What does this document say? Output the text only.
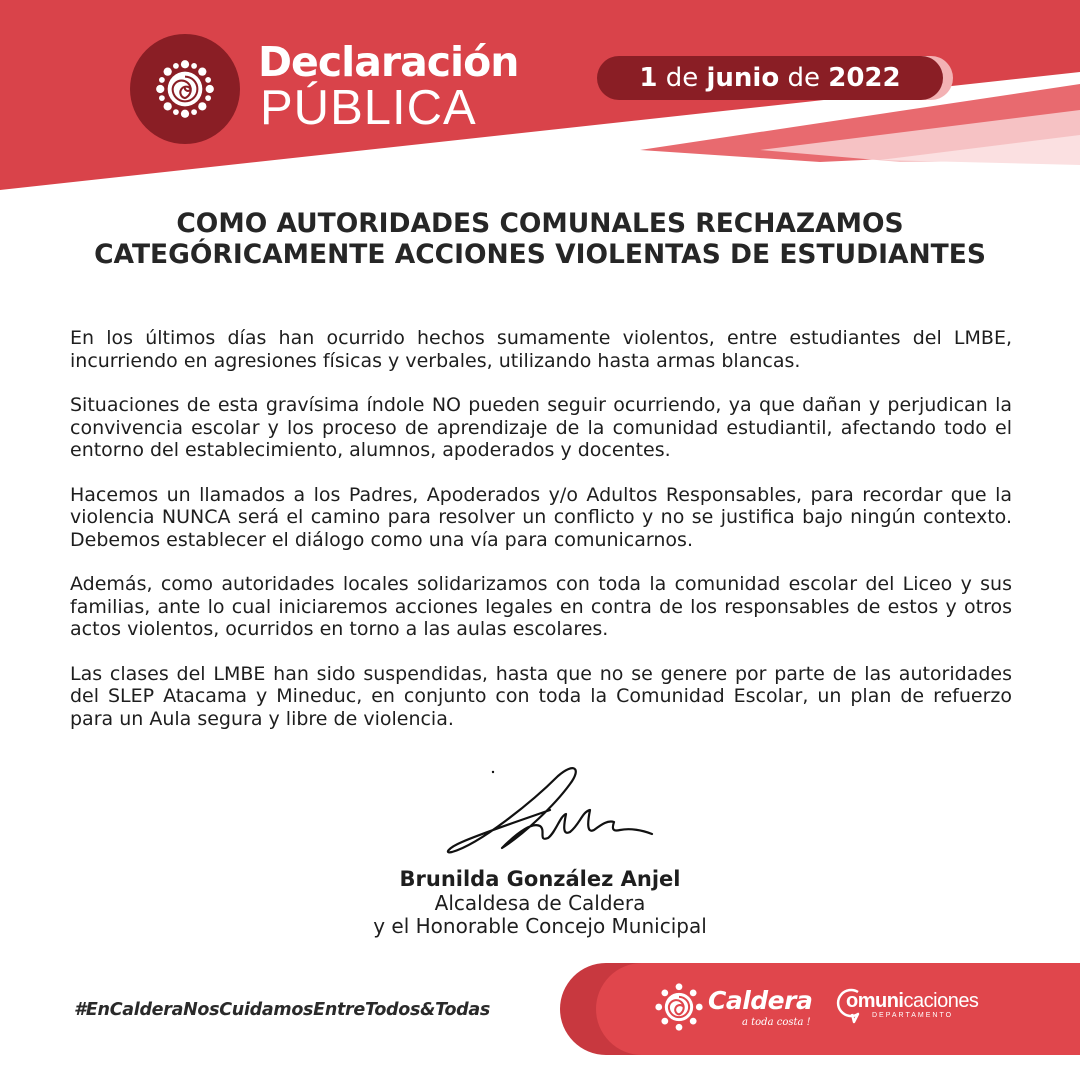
Declaración

PÚBLICA

1 de junio de 2022
COMO AUTORIDADES COMUNALES RECHAZAMOS CATEGÓRICAMENTE ACCIONES VIOLENTAS DE ESTUDIANTES

En los últimos días han ocurrido hechos sumamente violentos, entre estudiantes del LMBE, incurriendo en agresiones físicas y verbales, utilizando hasta armas blancas.

Situaciones de esta gravísima índole NO pueden seguir ocurriendo, ya que dañan y perjudican la convivencia escolar y los proceso de aprendizaje de la comunidad estudiantil, afectando todo el entorno del establecimiento, alumnos, apoderados y docentes.

Hacemos un llamados a los Padres, Apoderados y/o Adultos Responsables, para recordar que la violencia NUNCA será el camino para resolver un conflicto y no se justifica bajo ningún contexto. Debemos establecer el diálogo como una vía para comunicarnos.

Además, como autoridades locales solidarizamos con toda la comunidad escolar del Liceo y sus familias, ante lo cual iniciaremos acciones legales en contra de los responsables de estos y otros actos violentos, ocurridos en torno a las aulas escolares.

Las clases del LMBE han sido suspendidas, hasta que no se genere por parte de las autoridades del SLEP Atacama y Mineduc, en conjunto con toda la Comunidad Escolar, un plan de refuerzo para un Aula segura y libre de violencia.

Brunilda González Anjel
Alcaldesa de Caldera
y el Honorable Concejo Municipal

#EnCalderaNosCuidamosEntreTodos&Todas	Caldera
a toda costa !
omunicaciones
DEPARTAMENTO
